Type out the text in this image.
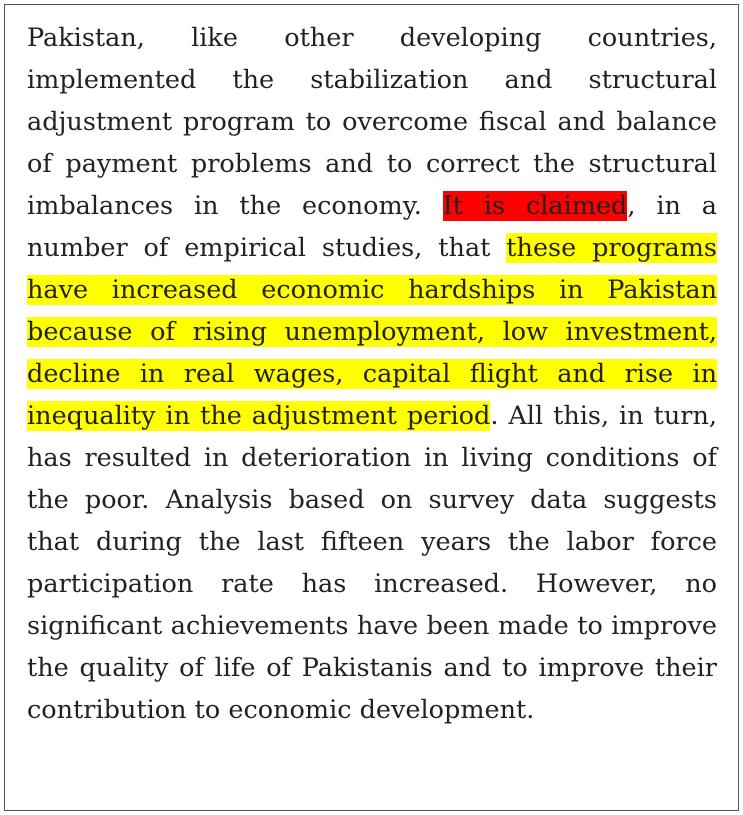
Pakistan, like other developing countries, implemented the stabilization and structural adjustment program to overcome fiscal and balance of payment problems and to correct the structural imbalances in the economy. It is claimed, in a number of empirical studies, that these programs have increased economic hardships in Pakistan because of rising unemployment, low investment, decline in real wages, capital flight and rise in inequality in the adjustment period. All this, in turn, has resulted in deterioration in living conditions of the poor. Analysis based on survey data suggests that during the last fifteen years the labor force participation rate has increased. However, no significant achievements have been made to improve the quality of life of Pakistanis and to improve their contribution to economic development.
